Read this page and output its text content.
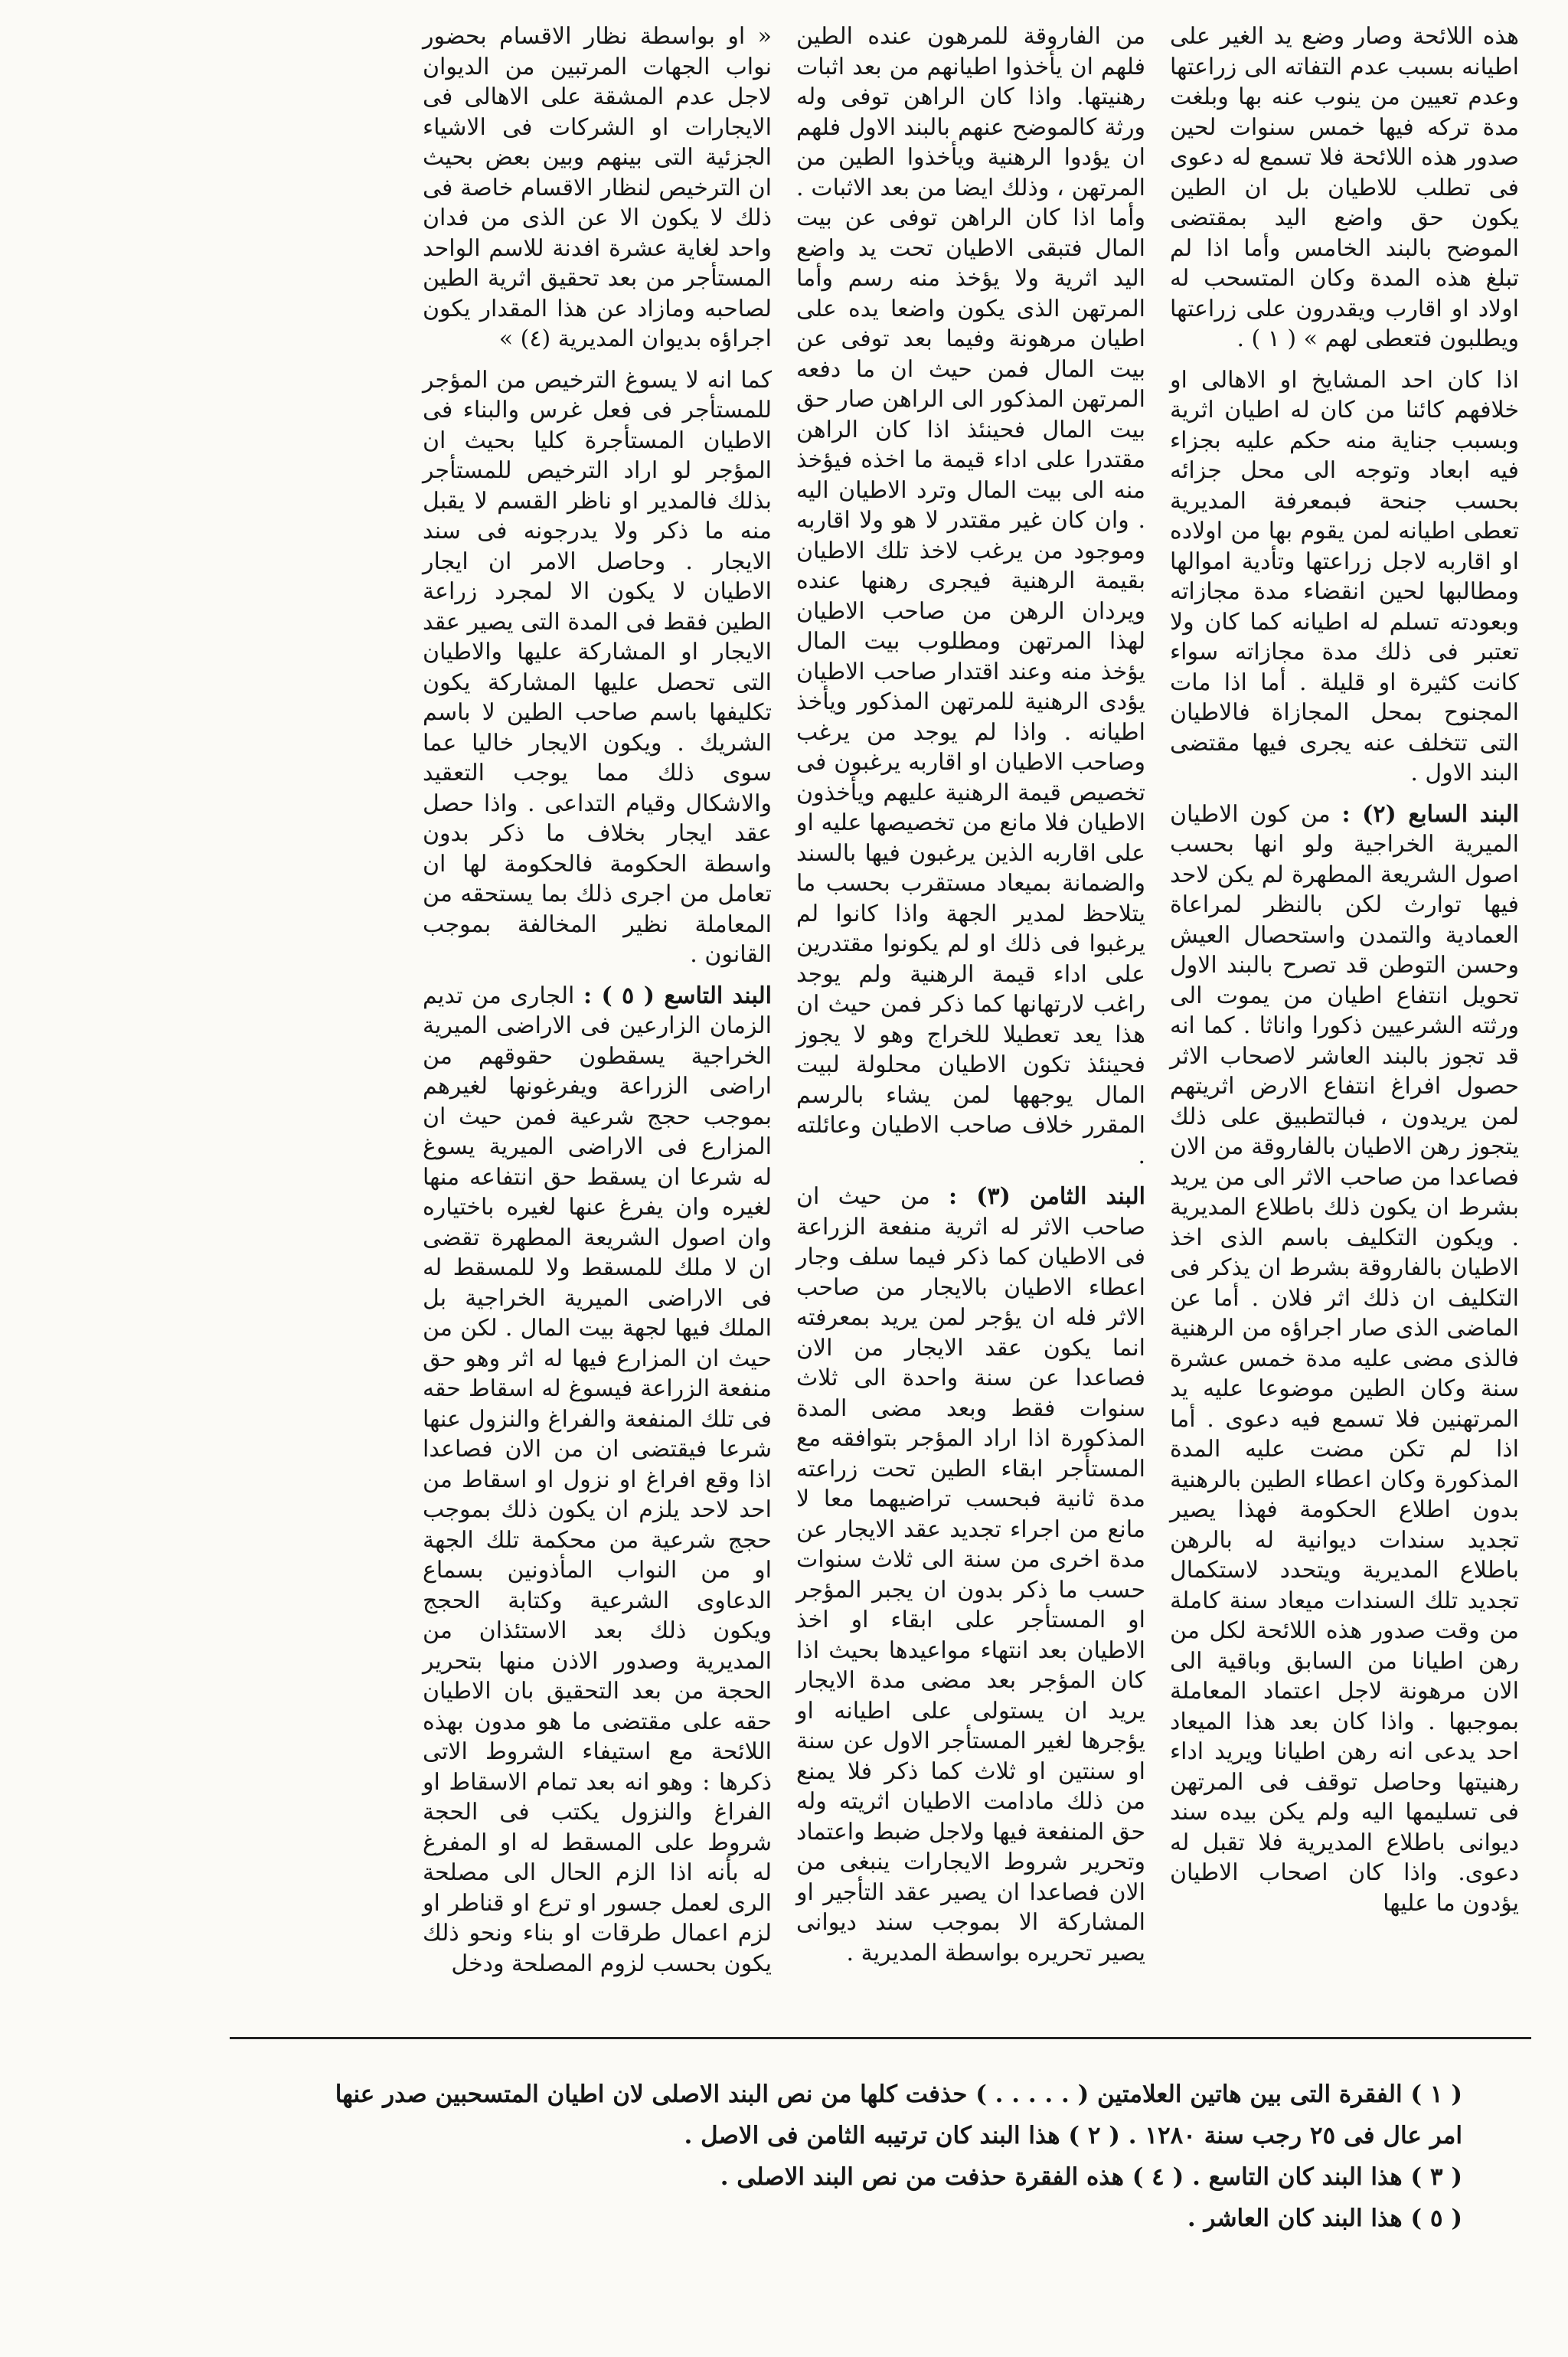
هذه اللائحة وصار وضع يد الغير على اطيانه بسبب عدم التفاته الى زراعتها وعدم تعيين من ينوب عنه بها وبلغت مدة تركه فيها خمس سنوات لحين صدور هذه اللائحة فلا تسمع له دعوى فى تطلب للاطيان بل ان الطين يكون حق واضع اليد بمقتضى الموضح بالبند الخامس وأما اذا لم تبلغ هذه المدة وكان المتسحب له اولاد او اقارب ويقدرون على زراعتها ويطلبون فتعطى لهم » ( ١ ) .

اذا كان احد المشايخ او الاهالى او خلافهم كائنا من كان له اطيان اثرية وبسبب جناية منه حكم عليه بجزاء فيه ابعاد وتوجه الى محل جزائه بحسب جنحة فبمعرفة المديرية تعطى اطيانه لمن يقوم بها من اولاده او اقاربه لاجل زراعتها وتأدية اموالها ومطالبها لحين انقضاء مدة مجازاته وبعودته تسلم له اطيانه كما كان ولا تعتبر فى ذلك مدة مجازاته سواء كانت كثيرة او قليلة . أما اذا مات المجنوح بمحل المجازاة فالاطيان التى تتخلف عنه يجرى فيها مقتضى البند الاول .

البند السابع (٢) : من كون الاطيان الميرية الخراجية ولو انها بحسب اصول الشريعة المطهرة لم يكن لاحد فيها توارث لكن بالنظر لمراعاة العمادية والتمدن واستحصال العيش وحسن التوطن قد تصرح بالبند الاول تحويل انتفاع اطيان من يموت الى ورثته الشرعيين ذكورا واناثا . كما انه قد تجوز بالبند العاشر لاصحاب الاثر حصول افراغ انتفاع الارض اثريتهم لمن يريدون ، فبالتطبيق على ذلك يتجوز رهن الاطيان بالفاروقة من الان فصاعدا من صاحب الاثر الى من يريد بشرط ان يكون ذلك باطلاع المديرية . ويكون التكليف باسم الذى اخذ الاطيان بالفاروقة بشرط ان يذكر فى التكليف ان ذلك اثر فلان . أما عن الماضى الذى صار اجراؤه من الرهنية فالذى مضى عليه مدة خمس عشرة سنة وكان الطين موضوعا عليه يد المرتهنين فلا تسمع فيه دعوى . أما اذا لم تكن مضت عليه المدة المذكورة وكان اعطاء الطين بالرهنية بدون اطلاع الحكومة فهذا يصير تجديد سندات ديوانية له بالرهن باطلاع المديرية ويتحدد لاستكمال تجديد تلك السندات ميعاد سنة كاملة من وقت صدور هذه اللائحة لكل من رهن اطيانا من السابق وباقية الى الان مرهونة لاجل اعتماد المعاملة بموجبها . واذا كان بعد هذا الميعاد احد يدعى انه رهن اطيانا ويريد اداء رهنيتها وحاصل توقف فى المرتهن فى تسليمها اليه ولم يكن بيده سند ديوانى باطلاع المديرية فلا تقبل له دعوى. واذا كان اصحاب الاطيان يؤدون ما عليها

من الفاروقة للمرهون عنده الطين فلهم ان يأخذوا اطيانهم من بعد اثبات رهنيتها. واذا كان الراهن توفى وله ورثة كالموضح عنهم بالبند الاول فلهم ان يؤدوا الرهنية ويأخذوا الطين من المرتهن ، وذلك ايضا من بعد الاثبات . وأما اذا كان الراهن توفى عن بيت المال فتبقى الاطيان تحت يد واضع اليد اثرية ولا يؤخذ منه رسم وأما المرتهن الذى يكون واضعا يده على اطيان مرهونة وفيما بعد توفى عن بيت المال فمن حيث ان ما دفعه المرتهن المذكور الى الراهن صار حق بيت المال فحينئذ اذا كان الراهن مقتدرا على اداء قيمة ما اخذه فيؤخذ منه الى بيت المال وترد الاطيان اليه . وان كان غير مقتدر لا هو ولا اقاربه وموجود من يرغب لاخذ تلك الاطيان بقيمة الرهنية فيجرى رهنها عنده ويردان الرهن من صاحب الاطيان لهذا المرتهن ومطلوب بيت المال يؤخذ منه وعند اقتدار صاحب الاطيان يؤدى الرهنية للمرتهن المذكور ويأخذ اطيانه . واذا لم يوجد من يرغب وصاحب الاطيان او اقاربه يرغبون فى تخصيص قيمة الرهنية عليهم ويأخذون الاطيان فلا مانع من تخصيصها عليه او على اقاربه الذين يرغبون فيها بالسند والضمانة بميعاد مستقرب بحسب ما يتلاحظ لمدير الجهة واذا كانوا لم يرغبوا فى ذلك او لم يكونوا مقتدرين على اداء قيمة الرهنية ولم يوجد راغب لارتهانها كما ذكر فمن حيث ان هذا يعد تعطيلا للخراج وهو لا يجوز فحينئذ تكون الاطيان محلولة لبيت المال يوجهها لمن يشاء بالرسم المقرر خلاف صاحب الاطيان وعائلته .

البند الثامن (٣) : من حيث ان صاحب الاثر له اثرية منفعة الزراعة فى الاطيان كما ذكر فيما سلف وجار اعطاء الاطيان بالايجار من صاحب الاثر فله ان يؤجر لمن يريد بمعرفته انما يكون عقد الايجار من الان فصاعدا عن سنة واحدة الى ثلاث سنوات فقط وبعد مضى المدة المذكورة اذا اراد المؤجر بتوافقه مع المستأجر ابقاء الطين تحت زراعته مدة ثانية فبحسب تراضيهما معا لا مانع من اجراء تجديد عقد الايجار عن مدة اخرى من سنة الى ثلاث سنوات حسب ما ذكر بدون ان يجبر المؤجر او المستأجر على ابقاء او اخذ الاطيان بعد انتهاء مواعيدها بحيث اذا كان المؤجر بعد مضى مدة الايجار يريد ان يستولى على اطيانه او يؤجرها لغير المستأجر الاول عن سنة او سنتين او ثلاث كما ذكر فلا يمنع من ذلك مادامت الاطيان اثريته وله حق المنفعة فيها ولاجل ضبط واعتماد وتحرير شروط الايجارات ينبغى من الان فصاعدا ان يصير عقد التأجير او المشاركة الا بموجب سند ديوانى يصير تحريره بواسطة المديرية .

« او بواسطة نظار الاقسام بحضور نواب الجهات المرتبين من الديوان لاجل عدم المشقة على الاهالى فى الايجارات او الشركات فى الاشياء الجزئية التى بينهم وبين بعض بحيث ان الترخيص لنظار الاقسام خاصة فى ذلك لا يكون الا عن الذى من فدان واحد لغاية عشرة افدنة للاسم الواحد المستأجر من بعد تحقيق اثرية الطين لصاحبه ومازاد عن هذا المقدار يكون اجراؤه بديوان المديرية (٤) »

كما انه لا يسوغ الترخيص من المؤجر للمستأجر فى فعل غرس والبناء فى الاطيان المستأجرة كليا بحيث ان المؤجر لو اراد الترخيص للمستأجر بذلك فالمدير او ناظر القسم لا يقبل منه ما ذكر ولا يدرجونه فى سند الايجار . وحاصل الامر ان ايجار الاطيان لا يكون الا لمجرد زراعة الطين فقط فى المدة التى يصير عقد الايجار او المشاركة عليها والاطيان التى تحصل عليها المشاركة يكون تكليفها باسم صاحب الطين لا باسم الشريك . ويكون الايجار خاليا عما سوى ذلك مما يوجب التعقيد والاشكال وقيام التداعى . واذا حصل عقد ايجار بخلاف ما ذكر بدون واسطة الحكومة فالحكومة لها ان تعامل من اجرى ذلك بما يستحقه من المعاملة نظير المخالفة بموجب القانون .

البند التاسع ( ٥ ) : الجارى من تديم الزمان الزارعين فى الاراضى الميرية الخراجية يسقطون حقوقهم من اراضى الزراعة ويفرغونها لغيرهم بموجب حجج شرعية فمن حيث ان المزارع فى الاراضى الميرية يسوغ له شرعا ان يسقط حق انتفاعه منها لغيره وان يفرغ عنها لغيره باختياره وان اصول الشريعة المطهرة تقضى ان لا ملك للمسقط ولا للمسقط له فى الاراضى الميرية الخراجية بل الملك فيها لجهة بيت المال . لكن من حيث ان المزارع فيها له اثر وهو حق منفعة الزراعة فيسوغ له اسقاط حقه فى تلك المنفعة والفراغ والنزول عنها شرعا فيقتضى ان من الان فصاعدا اذا وقع افراغ او نزول او اسقاط من احد لاحد يلزم ان يكون ذلك بموجب حجج شرعية من محكمة تلك الجهة او من النواب المأذونين بسماع الدعاوى الشرعية وكتابة الحجج ويكون ذلك بعد الاستئذان من المديرية وصدور الاذن منها بتحرير الحجة من بعد التحقيق بان الاطيان حقه على مقتضى ما هو مدون بهذه اللائحة مع استيفاء الشروط الاتى ذكرها : وهو انه بعد تمام الاسقاط او الفراغ والنزول يكتب فى الحجة شروط على المسقط له او المفرغ له بأنه اذا الزم الحال الى مصلحة الرى لعمل جسور او ترع او قناطر او لزم اعمال طرقات او بناء ونحو ذلك يكون بحسب لزوم المصلحة ودخل

( ١ ) الفقرة التى بين هاتين العلامتين ( . . . . . ) حذفت كلها من نص البند الاصلى لان اطيان المتسحبين صدر عنها
امر عال فى ٢٥ رجب سنة ١٢٨٠ . ( ٢ ) هذا البند كان ترتيبه الثامن فى الاصل .
( ٣ ) هذا البند كان التاسع . ( ٤ ) هذه الفقرة حذفت من نص البند الاصلى .
( ٥ ) هذا البند كان العاشر .
